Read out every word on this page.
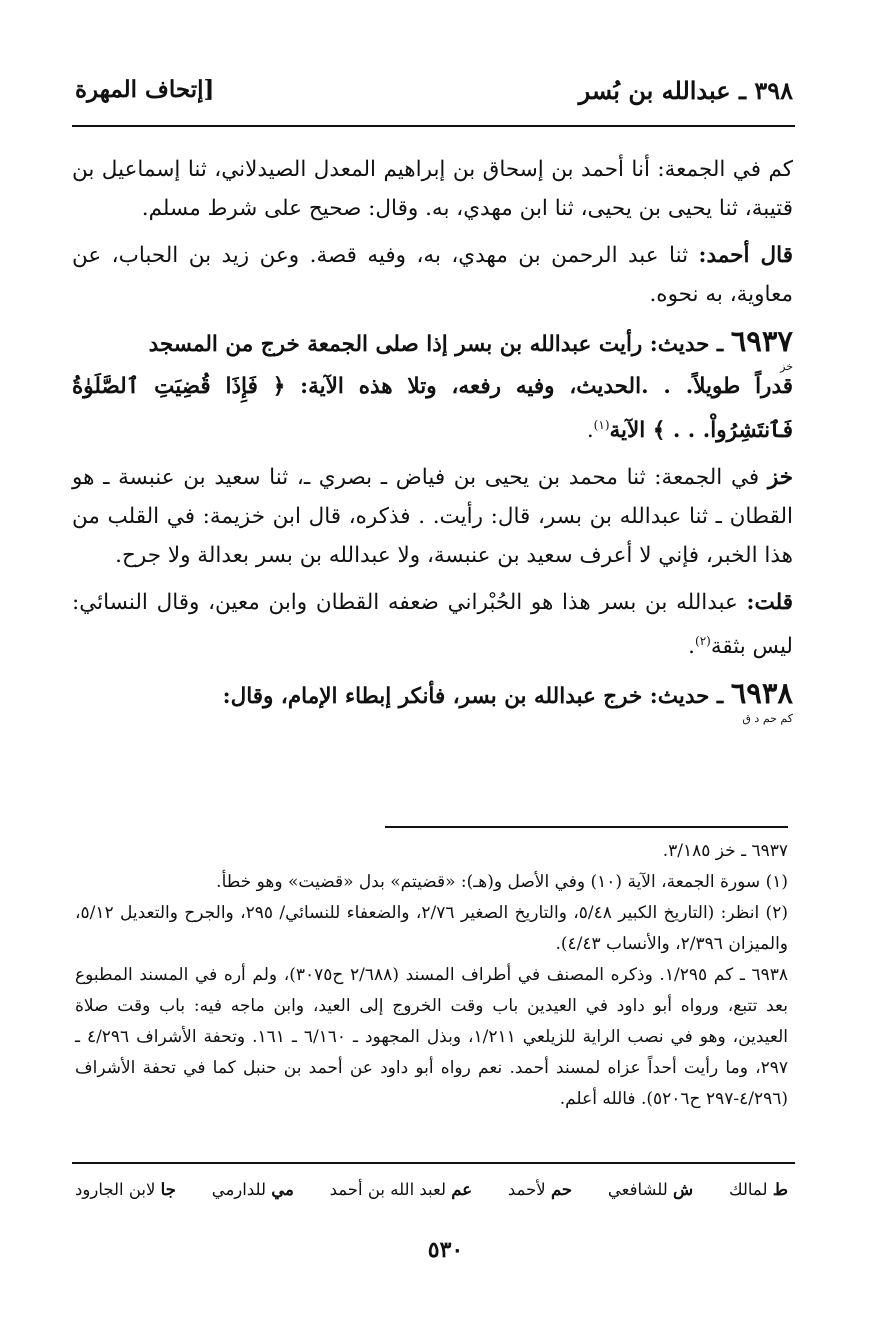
٣٩٨ ـ عبدالله بن بُسر
[إتحاف المهرة

كم في الجمعة: أنا أحمد بن إسحاق بن إبراهيم المعدل الصيدلاني، ثنا إسماعيل بن قتيبة، ثنا يحيى بن يحيى، ثنا ابن مهدي، به. وقال: صحيح على شرط مسلم.

قال أحمد: ثنا عبد الرحمن بن مهدي، به، وفيه قصة. وعن زيد بن الحباب، عن معاوية، به نحوه.

٦٩٣٧ ـ حديث: رأيت عبدالله بن بسر إذا صلى الجمعة خرج من المسجد
خز
قدراً طويلاً. . .الحديث، وفيه رفعه، وتلا هذه الآية: ﴿ فَإِذَا قُضِيَتِ ٱلصَّلَوٰةُ فَٱنتَشِرُواْ. . . ﴾ الآية$^{(١)}$.

خز في الجمعة: ثنا محمد بن يحيى بن فياض ـ بصري ـ، ثنا سعيد بن عنبسة ـ هو القطان ـ ثنا عبدالله بن بسر، قال: رأيت. . فذكره، قال ابن خزيمة: في القلب من هذا الخبر، فإني لا أعرف سعيد بن عنبسة، ولا عبدالله بن بسر بعدالة ولا جرح.

قلت: عبدالله بن بسر هذا هو الحُبْراني ضعفه القطان وابن معين، وقال النسائي: ليس بثقة$^{(٢)}$.

٦٩٣٨ ـ حديث: خرج عبدالله بن بسر، فأنكر إبطاء الإمام، وقال:
كم حم د ق

٦٩٣٧ ـ خز ٣/١٨٥.

(١) سورة الجمعة، الآية (١٠) وفي الأصل و(هـ): «قضيتم» بدل «قضيت» وهو خطأ.

(٢) انظر: (التاريخ الكبير ٥/٤٨، والتاريخ الصغير ٢/٧٦، والضعفاء للنسائي/ ٢٩٥، والجرح والتعديل ٥/١٢، والميزان ٢/٣٩٦، والأنساب ٤/٤٣).

٦٩٣٨ ـ كم ١/٢٩٥. وذكره المصنف في أطراف المسند (٢/٦٨٨ ح٣٠٧٥)، ولم أره في المسند المطبوع بعد تتبع، ورواه أبو داود في العيدين باب وقت الخروج إلى العيد، وابن ماجه فيه: باب وقت صلاة العيدين، وهو في نصب الراية للزيلعي ١/٢١١، وبذل المجهود ـ ٦/١٦٠ ـ ١٦١. وتحفة الأشراف ٤/٢٩٦ ـ ٢٩٧، وما رأيت أحداً عزاه لمسند أحمد. نعم رواه أبو داود عن أحمد بن حنبل كما في تحفة الأشراف (٤/٢٩٦-٢٩٧ ح٥٢٠٦). فالله أعلم.

ط لمالك
ش للشافعي
حم لأحمد
عم لعبد الله بن أحمد
مي للدارمي
جا لابن الجارود
٥٣٠
